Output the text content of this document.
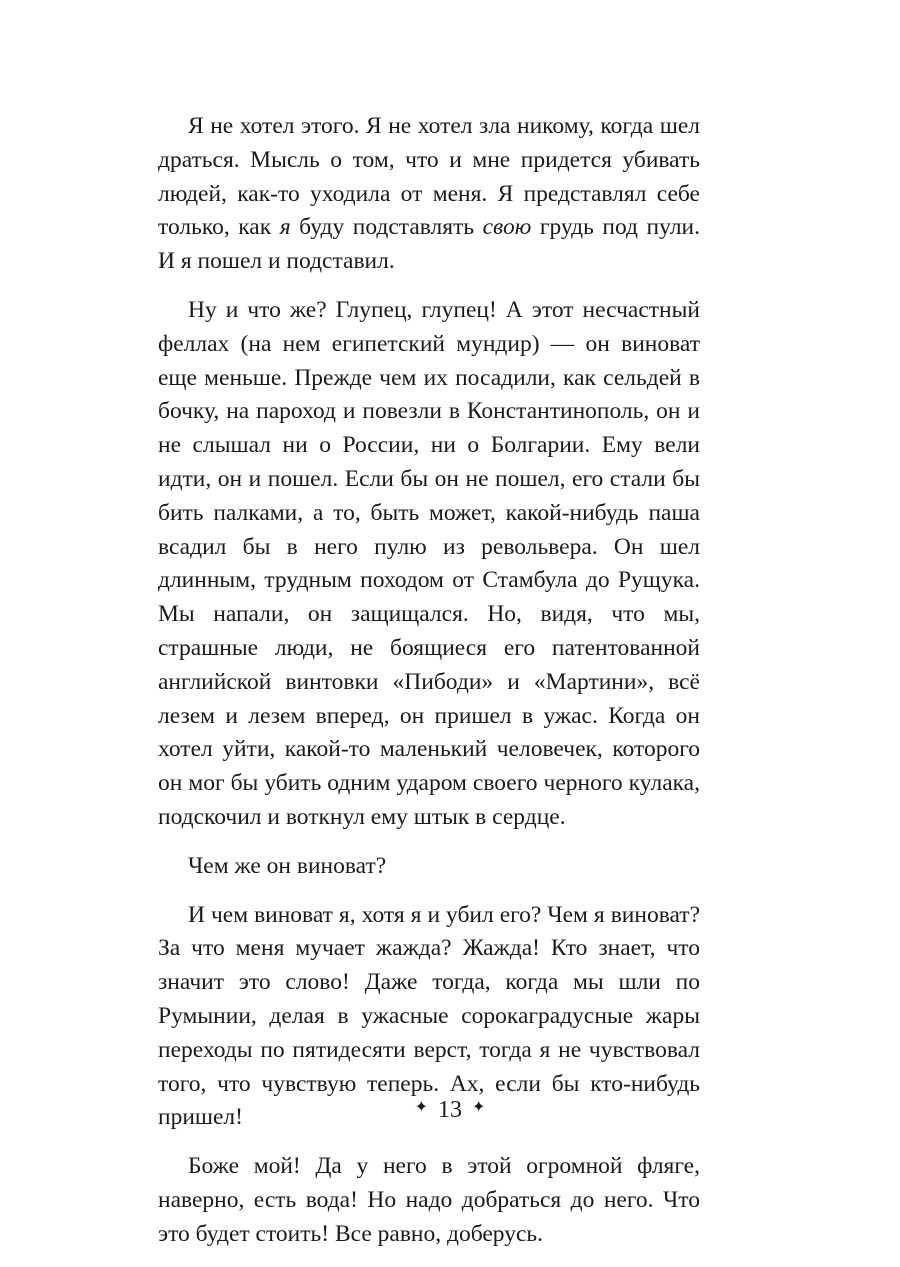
Я не хотел этого. Я не хотел зла никому, когда шел драться. Мысль о том, что и мне придется убивать людей, как-то уходила от меня. Я представлял себе только, как я буду подставлять свою грудь под пули. И я пошел и подставил.

Ну и что же? Глупец, глупец! А этот несчастный феллах (на нем египетский мундир) — он виноват еще меньше. Прежде чем их посадили, как сельдей в бочку, на пароход и повезли в Константинополь, он и не слышал ни о России, ни о Болгарии. Ему вели идти, он и пошел. Если бы он не пошел, его стали бы бить палками, а то, быть может, какой-нибудь паша всадил бы в него пулю из револьвера. Он шел длинным, трудным походом от Стамбула до Рущука. Мы напали, он защищался. Но, видя, что мы, страшные люди, не боящиеся его патентованной английской винтовки «Пибоди» и «Мартини», всё лезем и лезем вперед, он пришел в ужас. Когда он хотел уйти, какой-то маленький человечек, которого он мог бы убить одним ударом своего черного кулака, подскочил и воткнул ему штык в сердце.

Чем же он виноват?

И чем виноват я, хотя я и убил его? Чем я виноват? За что меня мучает жажда? Жажда! Кто знает, что значит это слово! Даже тогда, когда мы шли по Румынии, делая в ужасные сорокаградусные жары переходы по пятидесяти верст, тогда я не чувствовал того, что чувствую теперь. Ах, если бы кто-нибудь пришел!

Боже мой! Да у него в этой огромной фляге, наверно, есть вода! Но надо добраться до него. Что это будет стоить! Все равно, доберусь.

✦ 13 ✦
